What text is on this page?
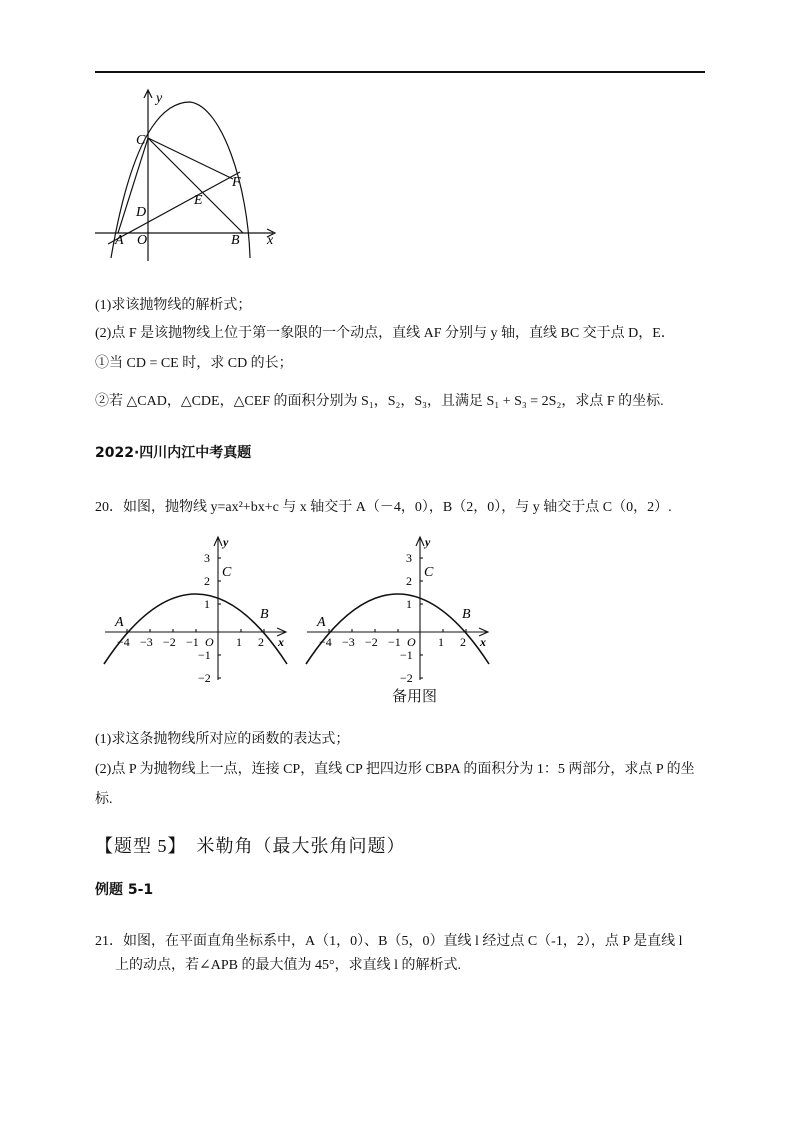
y
x
C
F
E
D
A O	B
(1)求该抛物线的解析式；
(2)点 F 是该抛物线上位于第一象限的一个动点，直线 AF 分别与 y 轴，直线 BC 交于点 D，E．
①当 CD = CE 时，求 CD 的长；
②若 △CAD，△CDE，△CEF 的面积分别为 S₁，S₂，S₃，且满足 S₁ + S₃ = 2S₂，求点 F 的坐标.
2022·四川内江中考真题
20．如图，抛物线 y=ax²+bx+c 与 x 轴交于 A（－4，0），B（2，0），与 y 轴交于点 C（0，2）.
−4 −3 −2 −1 O 1 2
3
2
1
−1
−2
x
y
A
B
C
−4 −3 −2 −1 O 1 2
3
2
1
−1
−2
x
y
A
B
C
备用图
(1)求这条抛物线所对应的函数的表达式；
(2)点 P 为抛物线上一点，连接 CP，直线 CP 把四边形 CBPA 的面积分为 1：5 两部分，求点 P 的坐
标.
【题型 5】　米勒角（最大张角问题）
例题 5-1
21．如图，在平面直角坐标系中，A（1，0）、B（5，0）直线 l 经过点 C（-1，2），点 P 是直线 l
上的动点，若∠APB 的最大值为 45°，求直线 l 的解析式.
